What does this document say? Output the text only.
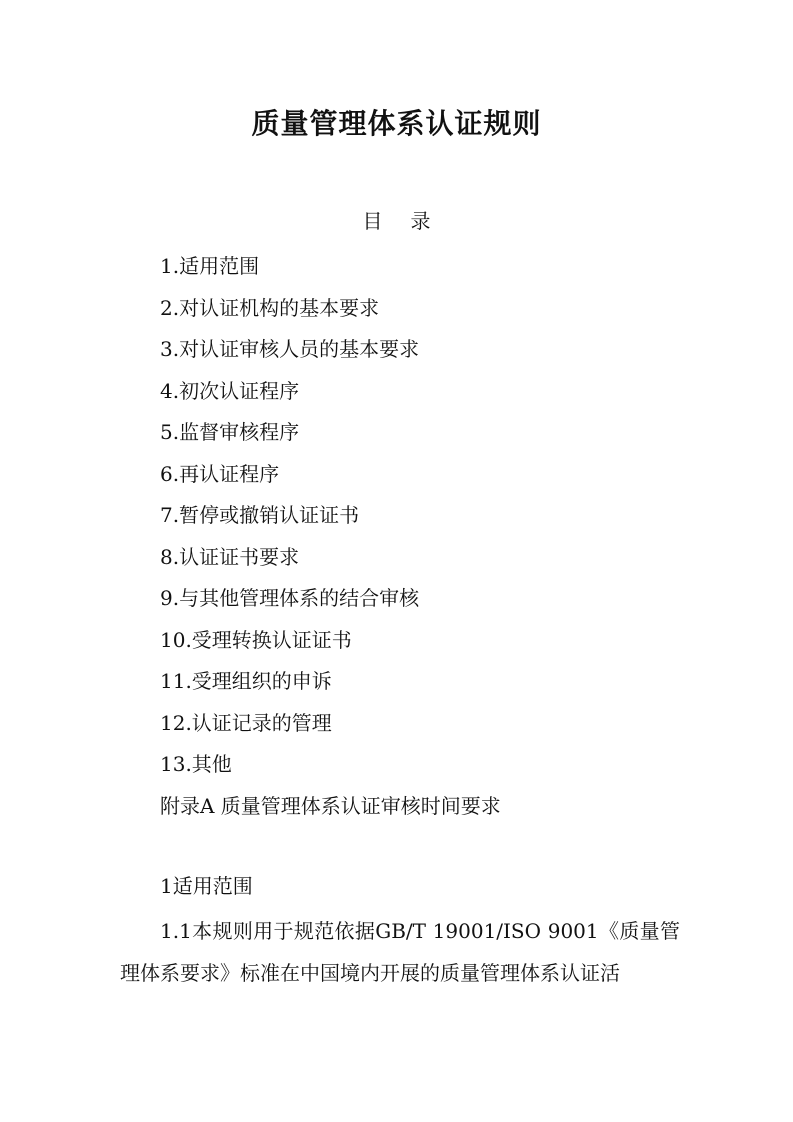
质量管理体系认证规则
目录
1.适用范围
2.对认证机构的基本要求
3.对认证审核人员的基本要求
4.初次认证程序
5.监督审核程序
6.再认证程序
7.暂停或撤销认证证书
8.认证证书要求
9.与其他管理体系的结合审核
10.受理转换认证证书
11.受理组织的申诉
12.认证记录的管理
13.其他
附录A 质量管理体系认证审核时间要求
1适用范围

1.1本规则用于规范依据GB/T 19001/ISO 9001《质量管理体系要求》标准在中国境内开展的质量管理体系认证活
